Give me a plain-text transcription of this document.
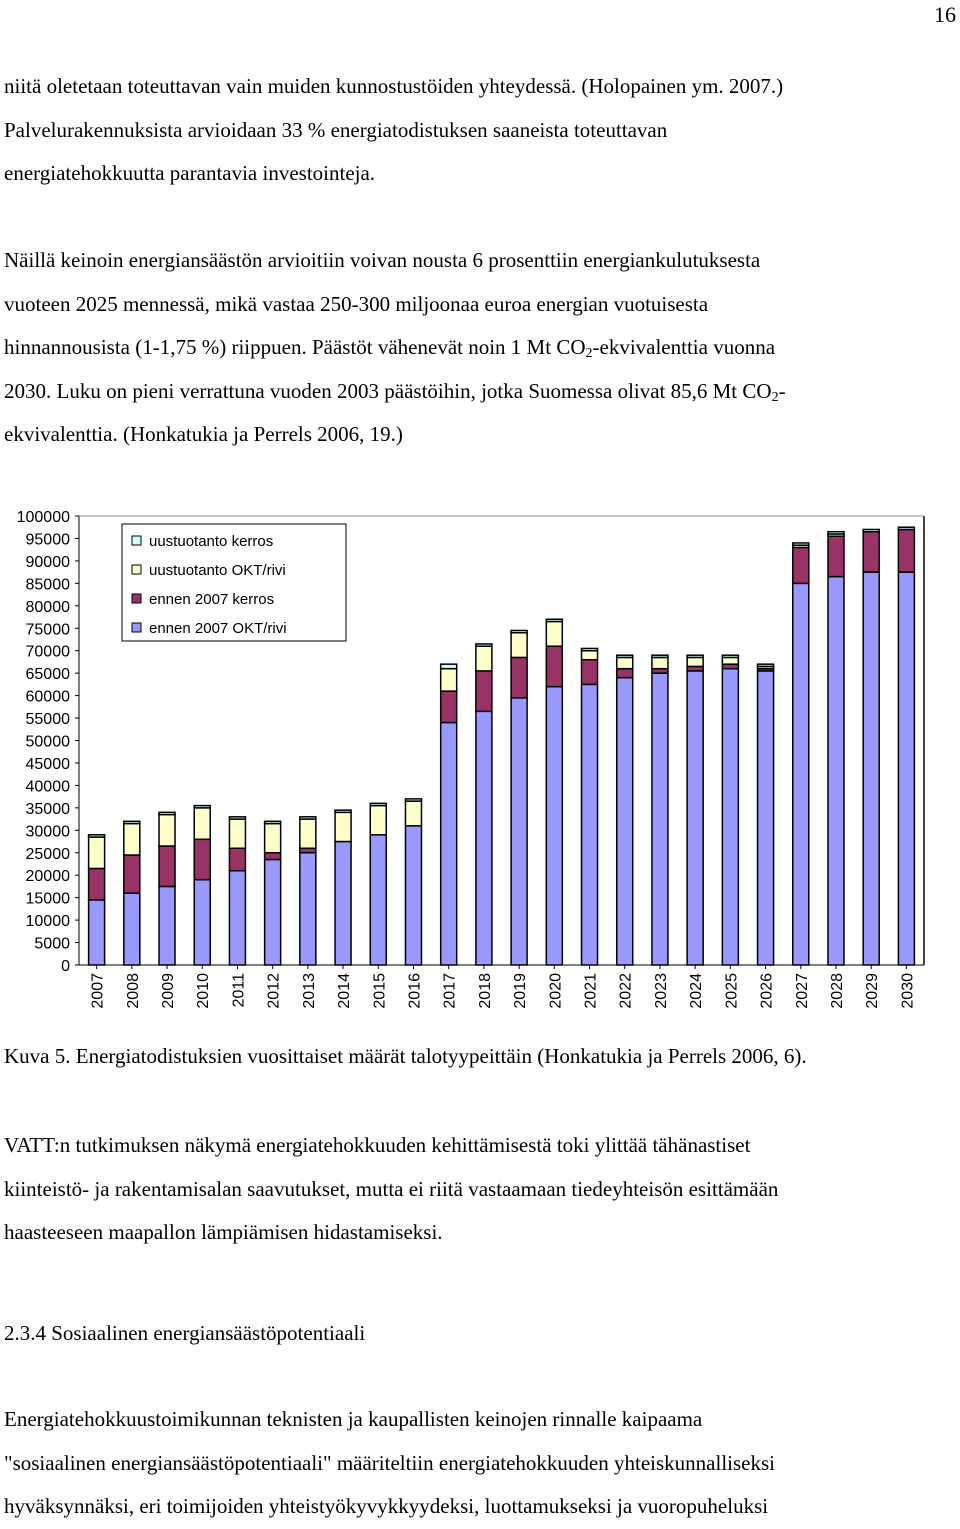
16

niitä oletetaan toteuttavan vain muiden kunnostustöiden yhteydessä. (Holopainen ym. 2007.)
Palvelurakennuksista arvioidaan 33 % energiatodistuksen saaneista toteuttavan
energiatehokkuutta parantavia investointeja.

Näillä keinoin energiansäästön arvioitiin voivan nousta 6 prosenttiin energiankulutuksesta
vuoteen 2025 mennessä, mikä vastaa 250-300 miljoonaa euroa energian vuotuisesta
hinnannousista (1-1,75 %) riippuen. Päästöt vähenevät noin 1 Mt $CO_2$-ekvivalenttia vuonna
2030. Luku on pieni verrattuna vuoden 2003 päästöihin, jotka Suomessa olivat 85,6 Mt $CO_2-$
ekvivalenttia. (Honkatukia ja Perrels 2006, 19.)

0
5000
10000
15000
20000
25000
30000
35000
40000
45000
50000
55000
60000
65000
70000
75000
80000
85000
90000
95000
100000
2007 2008 2009 2010 2011 2012 2013 2014 2015 2016 2017 2018 2019 2020 2021 2022 2023 2024 2025 2026 2027 2028 2029 2030
uustuotanto kerros
uustuotanto OKT/rivi
ennen 2007 kerros
ennen 2007 OKT/rivi

Kuva 5. Energiatodistuksien vuosittaiset määrät talotyypeittäin (Honkatukia ja Perrels 2006, 6).

VATT:n tutkimuksen näkymä energiatehokkuuden kehittämisestä toki ylittää tähänastiset
kiinteistö- ja rakentamisalan saavutukset, mutta ei riitä vastaamaan tiedeyhteisön esittämään
haasteeseen maapallon lämpiämisen hidastamiseksi.

2.3.4 Sosiaalinen energiansäästöpotentiaali

Energiatehokkuustoimikunnan teknisten ja kaupallisten keinojen rinnalle kaipaama
"sosiaalinen energiansäästöpotentiaali" määriteltiin energiatehokkuuden yhteiskunnalliseksi
hyväksynnäksi, eri toimijoiden yhteistyökyvykkyydeksi, luottamukseksi ja vuoropuheluksi
